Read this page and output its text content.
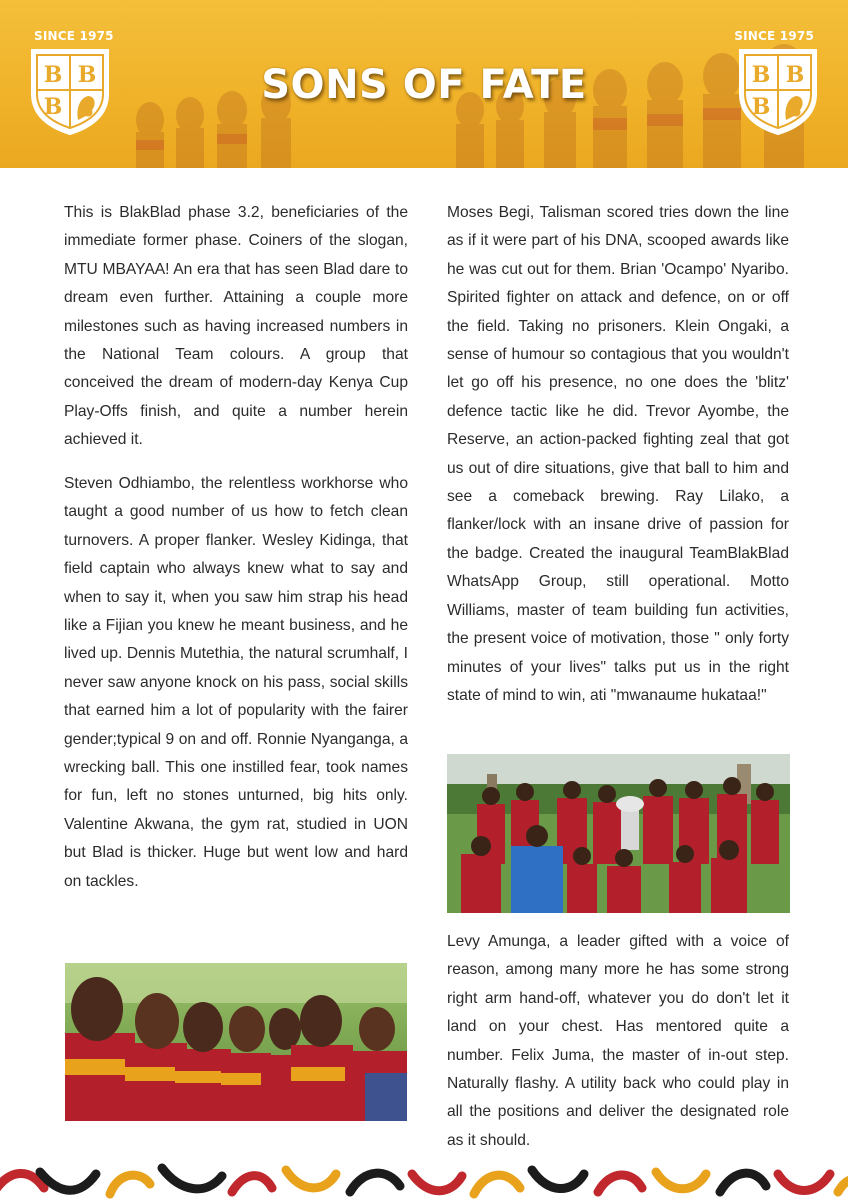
SINCE 1975	SINCE 1975
B B
B
B B
B
SONS OF FATE

This is BlakBlad phase 3.2, beneficiaries of the immediate former phase. Coiners of the slogan, MTU MBAYAA! An era that has seen Blad dare to dream even further. Attaining a couple more milestones such as having increased numbers in the National Team colours. A group that conceived the dream of modern-day Kenya Cup Play-Offs finish, and quite a number herein achieved it.

Steven Odhiambo, the relentless workhorse who taught a good number of us how to fetch clean turnovers. A proper flanker. Wesley Kidinga, that field captain who always knew what to say and when to say it, when you saw him strap his head like a Fijian you knew he meant business, and he lived up. Dennis Mutethia, the natural scrumhalf, I never saw anyone knock on his pass, social skills that earned him a lot of popularity with the fairer gender;typical 9 on and off. Ronnie Nyanganga, a wrecking ball. This one instilled fear, took names for fun, left no stones unturned, big hits only. Valentine Akwana, the gym rat, studied in UON but Blad is thicker. Huge but went low and hard on tackles.

Moses Begi, Talisman scored tries down the line as if it were part of his DNA, scooped awards like he was cut out for them. Brian 'Ocampo' Nyaribo. Spirited fighter on attack and defence, on or off the field. Taking no prisoners. Klein Ongaki, a sense of humour so contagious that you wouldn't let go off his presence, no one does the 'blitz' defence tactic like he did. Trevor Ayombe, the Reserve, an action-packed fighting zeal that got us out of dire situations, give that ball to him and see a comeback brewing. Ray Lilako, a flanker/lock with an insane drive of passion for the badge. Created the inaugural TeamBlakBlad WhatsApp Group, still operational. Motto Williams, master of team building fun activities, the present voice of motivation, those " only forty minutes of your lives" talks put us in the right state of mind to win, ati "mwanaume hukataa!"

Levy Amunga, a leader gifted with a voice of reason, among many more he has some strong right arm hand-off, whatever you do don't let it land on your chest. Has mentored quite a number. Felix Juma, the master of in-out step. Naturally flashy. A utility back who could play in all the positions and deliver the designated role as it should.
